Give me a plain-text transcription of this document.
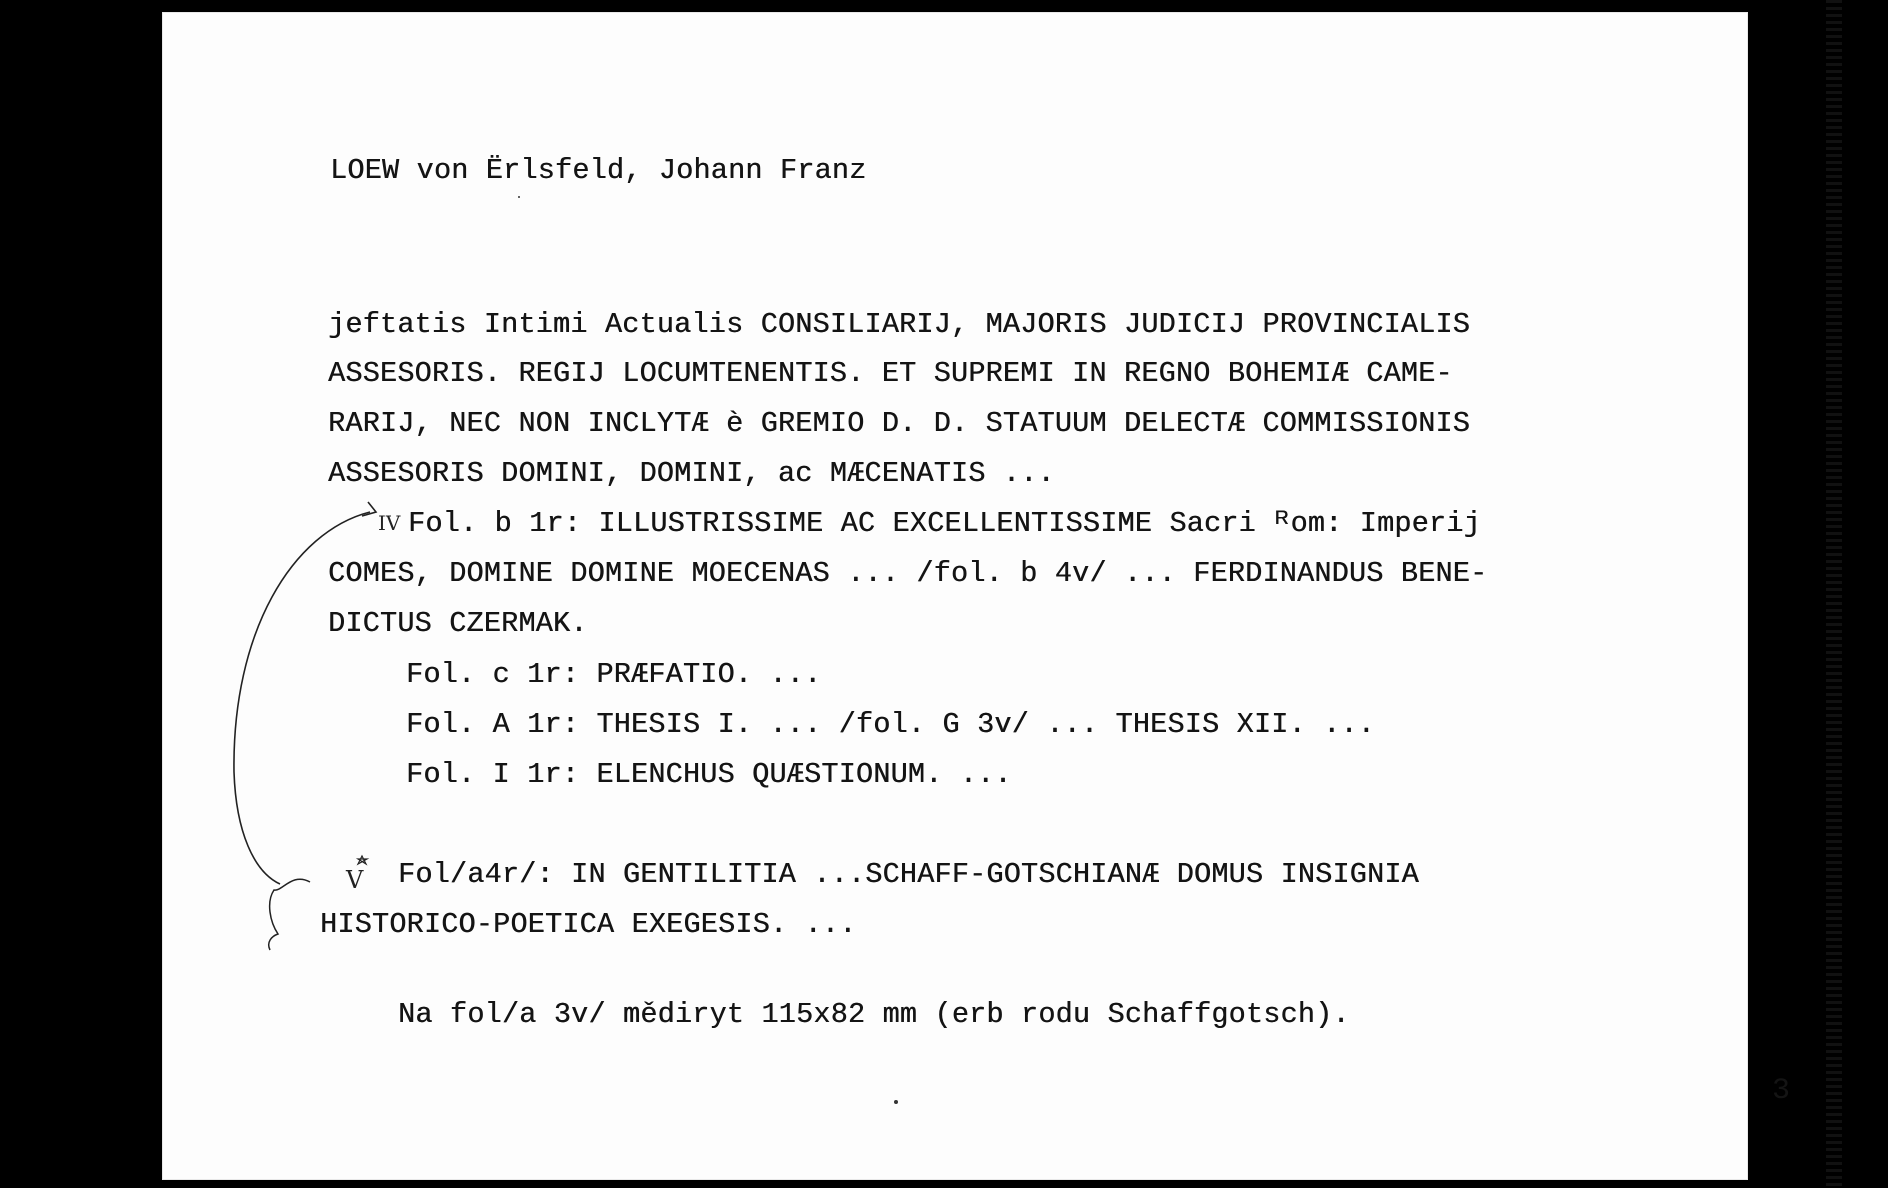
LOEW von Ërlsfeld, Johann Franz
jeftatis Intimi Actualis CONSILIARIJ, MAJORIS JUDICIJ PROVINCIALIS
ASSESORIS. REGIJ LOCUMTENENTIS. ET SUPREMI IN REGNO BOHEMIÆ CAME-
RARIJ, NEC NON INCLYTÆ è GREMIO D. D. STATUUM DELECTÆ COMMISSIONIS
ASSESORIS DOMINI, DOMINI, ac MÆCENATIS ...
Fol. b 1r: ILLUSTRISSIME AC EXCELLENTISSIME Sacri ᴿom: Imperij
COMES, DOMINE DOMINE MOECENAS ... /fol. b 4v/ ... FERDINANDUS BENE-
DICTUS CZERMAK.
Fol. c 1r: PRÆFATIO. ...
Fol. A 1r: THESIS I. ... /fol. G 3v/ ... THESIS XII. ...
Fol. I 1r: ELENCHUS QUÆSTIONUM. ...
Fol/a4r/: IN GENTILITIA ...SCHAFF-GOTSCHIANÆ DOMUS INSIGNIA
HISTORICO-POETICA EXEGESIS. ...
Na fol/a 3v/ mědiryt 115x82 mm (erb rodu Schaffgotsch).
3
IV
V
